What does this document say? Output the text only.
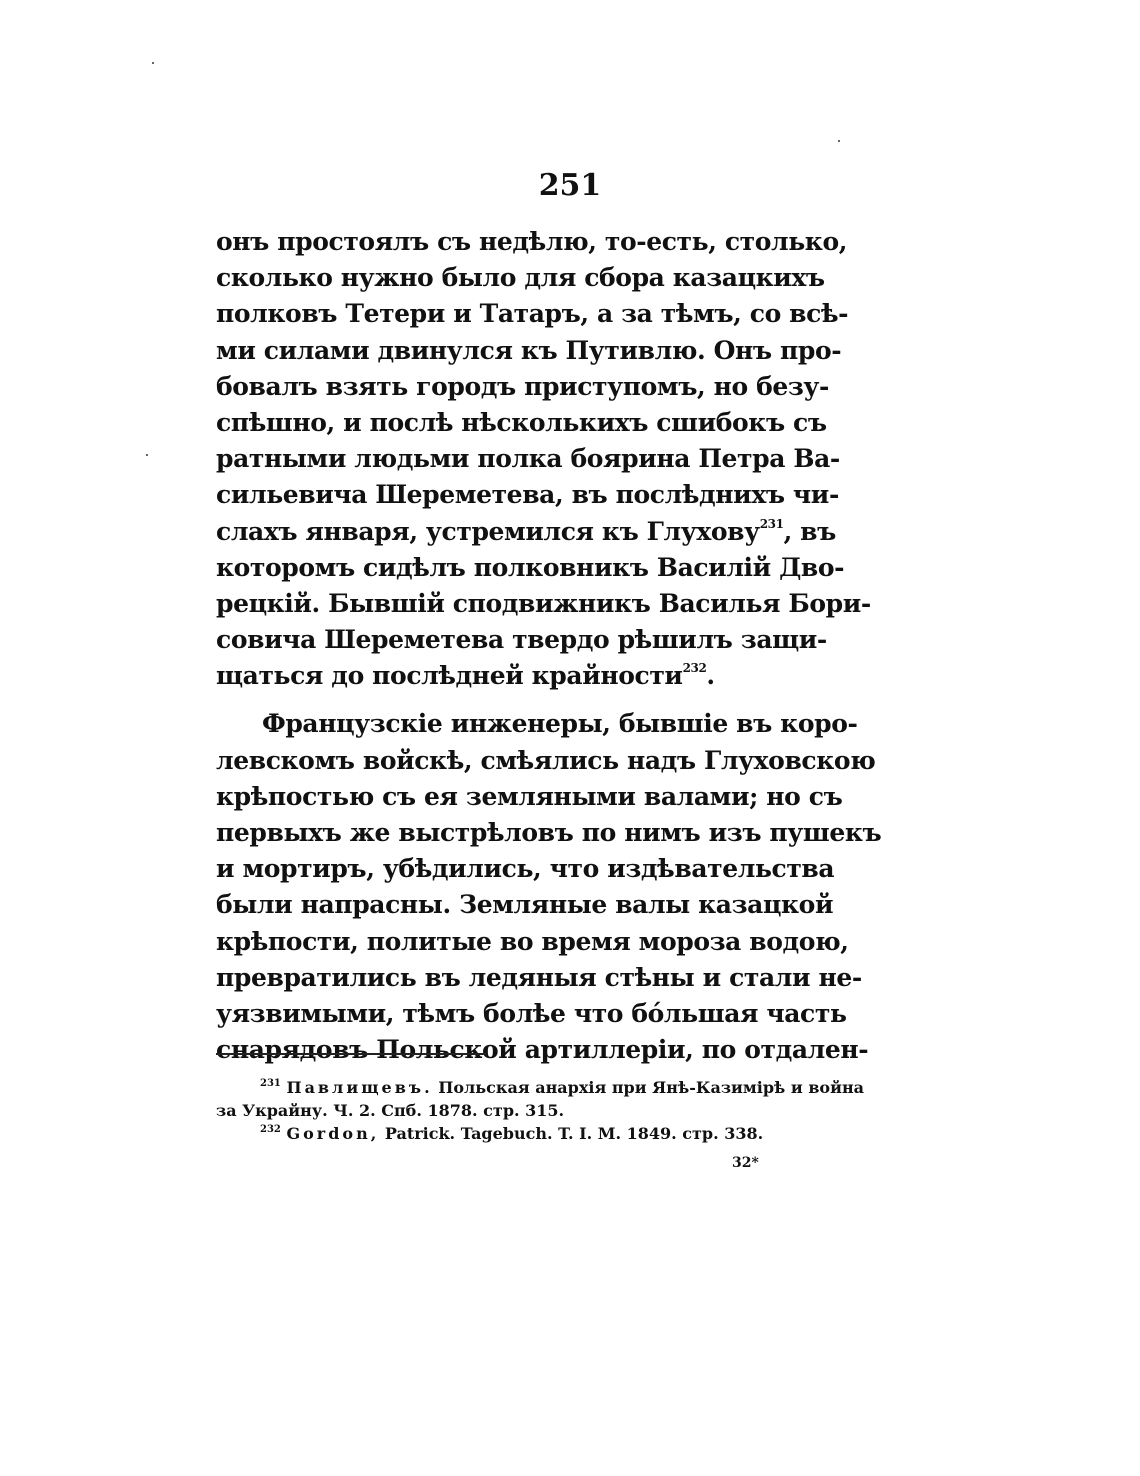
251
онъ простоялъ съ недѣлю, то-есть, столько,
сколько нужно было для сбора казацкихъ
полковъ Тетери и Татаръ, а за тѣмъ, со всѣ-
ми силами двинулся къ Путивлю. Онъ про-
бовалъ взять городъ приступомъ, но безу-
спѣшно, и послѣ нѣсколькихъ сшибокъ съ
ратными людьми полка боярина Петра Ва-
сильевича Шереметева, въ послѣднихъ чи-
слахъ января, устремился къ Глухову$^{231}$, въ
которомъ сидѣлъ полковникъ Василій Дво-
рецкій. Бывшій сподвижникъ Василья Бори-
совича Шереметева твердо рѣшилъ защи-
щаться до послѣдней крайности$^{232}$.
Французскіе инженеры, бывшіе въ коро-
левскомъ войскѣ, смѣялись надъ Глуховскою
крѣпостью съ ея земляными валами; но съ
первыхъ же выстрѣловъ по нимъ изъ пушекъ
и мортиръ, убѣдились, что издѣвательства
были напрасны. Земляные валы казацкой
крѣпости, политые во время мороза водою,
превратились въ ледяныя стѣны и стали не-
уязвимыми, тѣмъ болѣе что бóльшая часть
снарядовъ Польской артиллеріи, по отдален-
$^{231}$ Павлищевъ. Польская анархія при Янѣ-Казимірѣ и война
за Украйну. Ч. 2. Спб. 1878. стр. 315.
$^{232}$ Gordon, Patrick. Tagebuch. T. I. M. 1849. стр. 338.
32*
